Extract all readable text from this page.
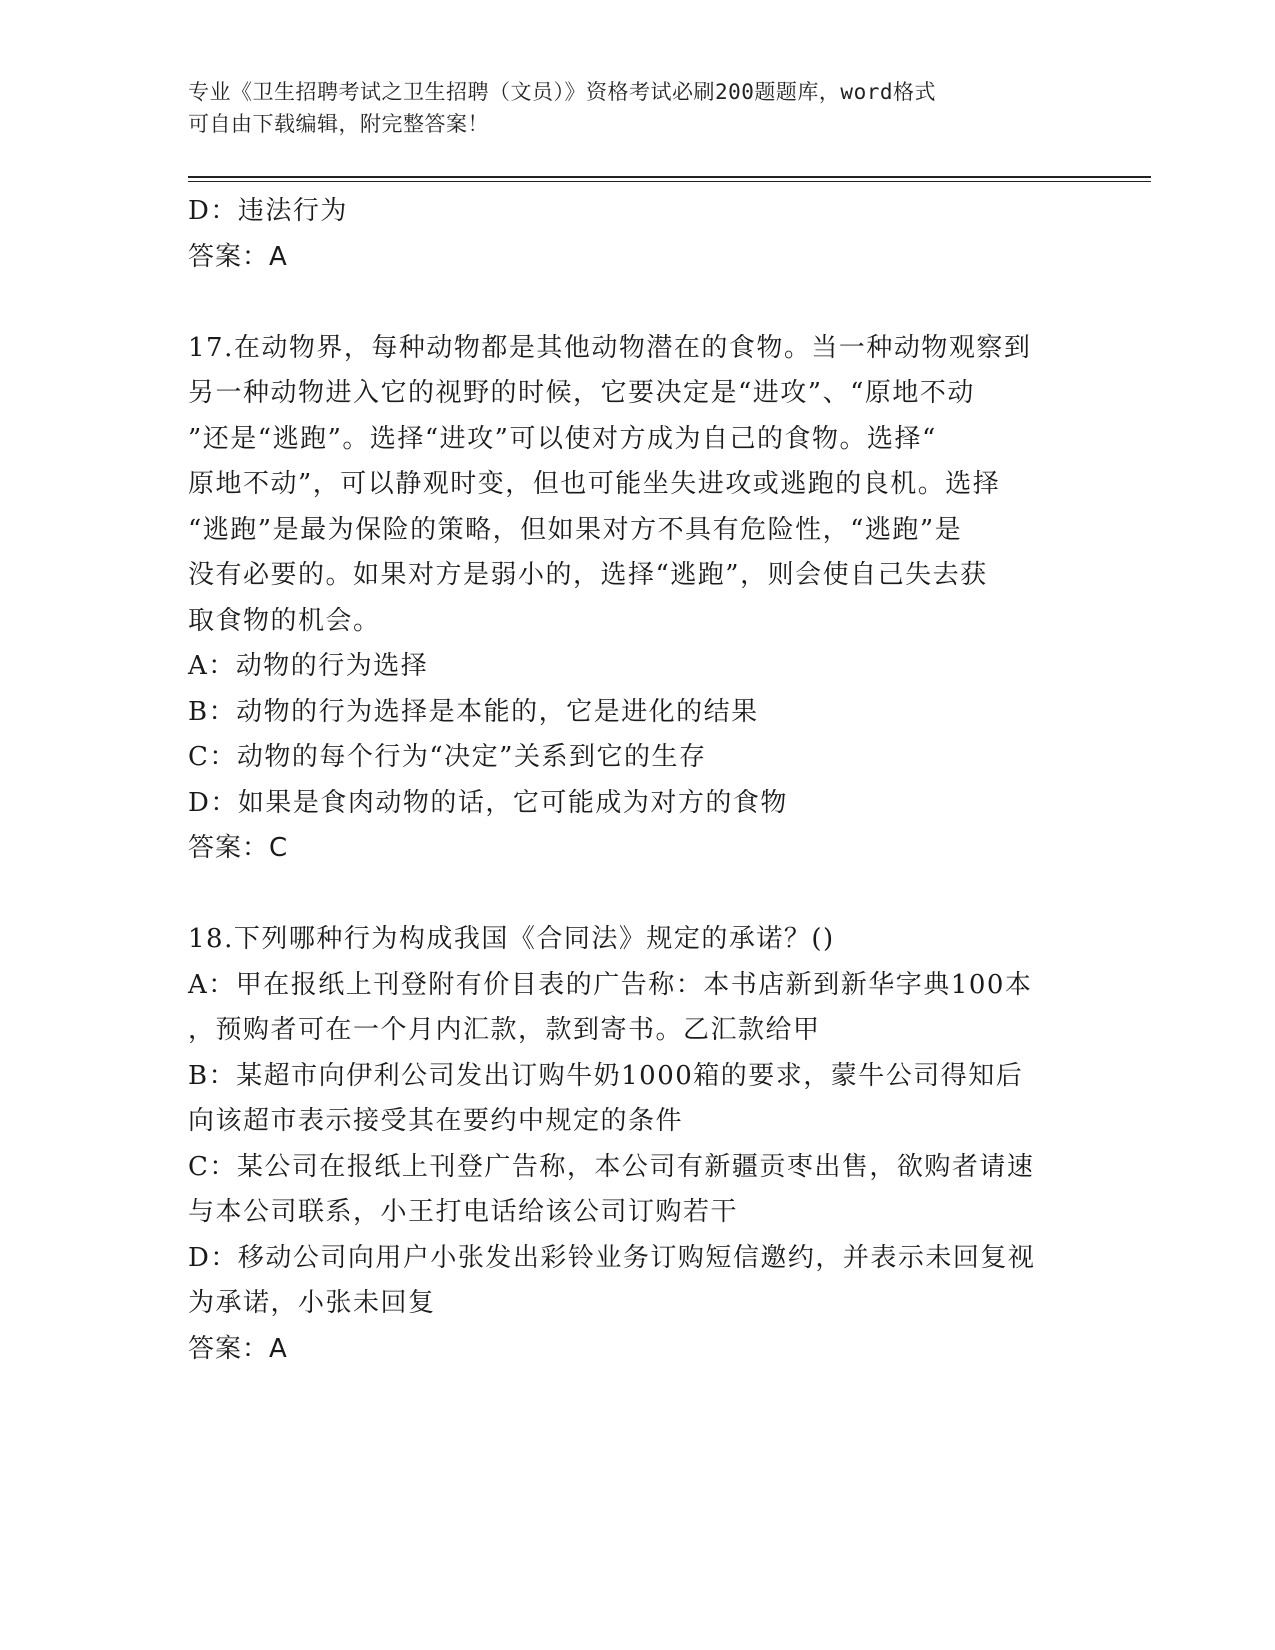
专业《卫生招聘考试之卫生招聘（文员）》资格考试必刷200题题库，word格式
可自由下载编辑，附完整答案！
D：违法行为
答案：A
17.在动物界，每种动物都是其他动物潜在的食物。当一种动物观察到
另一种动物进入它的视野的时候，它要决定是“进攻”、“原地不动
”还是“逃跑”。选择“进攻”可以使对方成为自己的食物。选择“
原地不动”，可以静观时变，但也可能坐失进攻或逃跑的良机。选择
“逃跑”是最为保险的策略，但如果对方不具有危险性，“逃跑”是
没有必要的。如果对方是弱小的，选择“逃跑”，则会使自己失去获
取食物的机会。
A：动物的行为选择
B：动物的行为选择是本能的，它是进化的结果
C：动物的每个行为“决定”关系到它的生存
D：如果是食肉动物的话，它可能成为对方的食物
答案：C
18.下列哪种行为构成我国《合同法》规定的承诺？()
A：甲在报纸上刊登附有价目表的广告称：本书店新到新华字典100本
，预购者可在一个月内汇款，款到寄书。乙汇款给甲
B：某超市向伊利公司发出订购牛奶1000箱的要求，蒙牛公司得知后
向该超市表示接受其在要约中规定的条件
C：某公司在报纸上刊登广告称，本公司有新疆贡枣出售，欲购者请速
与本公司联系，小王打电话给该公司订购若干
D：移动公司向用户小张发出彩铃业务订购短信邀约，并表示未回复视
为承诺，小张未回复
答案：A
